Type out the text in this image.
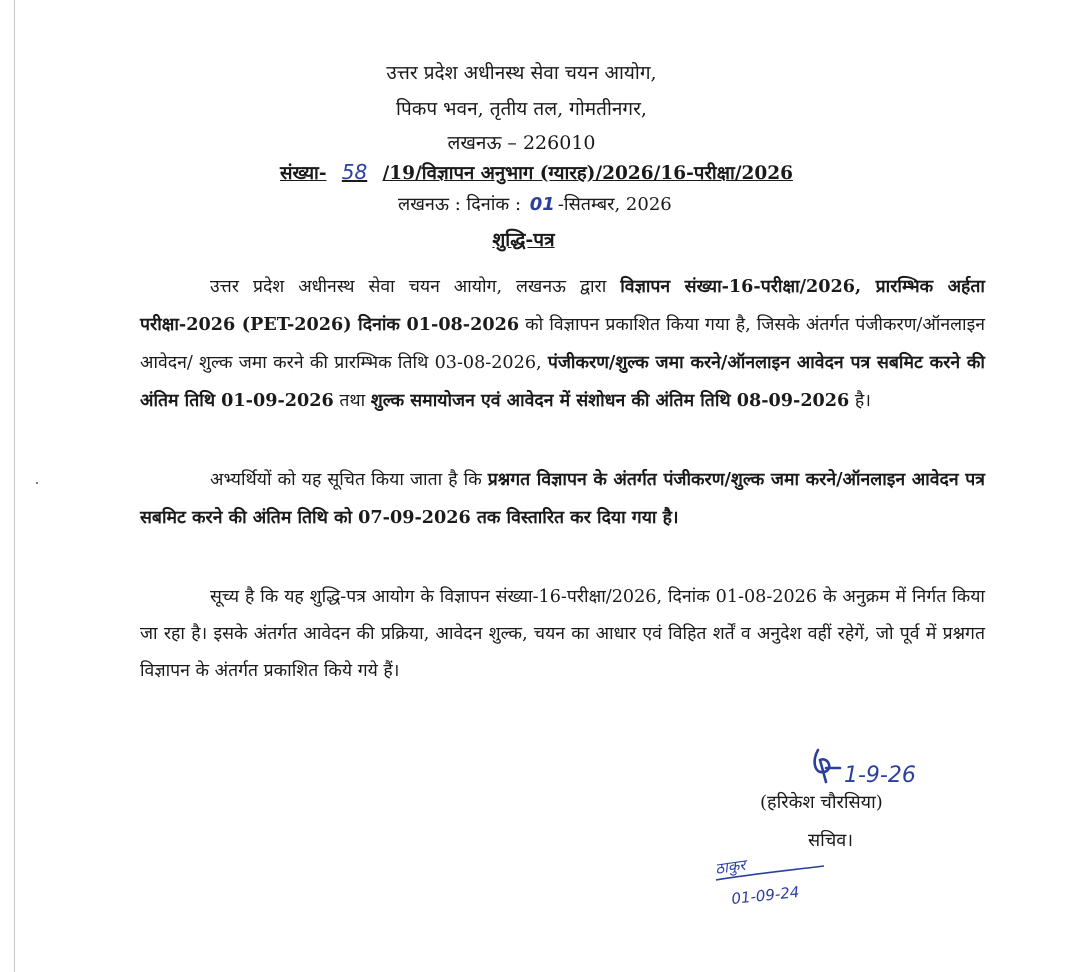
उत्तर प्रदेश अधीनस्थ सेवा चयन आयोग,
पिकप भवन, तृतीय तल, गोमतीनगर,
लखनऊ – 226010
संख्या- 58 /19/विज्ञापन अनुभाग (ग्यारह)/2026/16-परीक्षा/2026
लखनऊ : दिनांक : 01 -सितम्बर, 2026
शुद्धि-पत्र
उत्तर प्रदेश अधीनस्थ सेवा चयन आयोग, लखनऊ द्वारा विज्ञापन संख्या-16-परीक्षा/2026, प्रारम्भिक अर्हता परीक्षा-2026 (PET-2026) दिनांक 01-08-2026 को विज्ञापन प्रकाशित किया गया है, जिसके अंतर्गत पंजीकरण/ऑनलाइन आवेदन/ शुल्क जमा करने की प्रारम्भिक तिथि 03-08-2026, पंजीकरण/शुल्क जमा करने/ऑनलाइन आवेदन पत्र सबमिट करने की अंतिम तिथि 01-09-2026 तथा शुल्क समायोजन एवं आवेदन में संशोधन की अंतिम तिथि 08-09-2026 है।
अभ्यर्थियों को यह सूचित किया जाता है कि प्रश्नगत विज्ञापन के अंतर्गत पंजीकरण/शुल्क जमा करने/ऑनलाइन आवेदन पत्र सबमिट करने की अंतिम तिथि को 07-09-2026 तक विस्तारित कर दिया गया है।
सूच्य है कि यह शुद्धि-पत्र आयोग के विज्ञापन संख्या-16-परीक्षा/2026, दिनांक 01-08-2026 के अनुक्रम में निर्गत किया जा रहा है। इसके अंतर्गत आवेदन की प्रक्रिया, आवेदन शुल्क, चयन का आधार एवं विहित शर्तें व अनुदेश वहीं रहेगें, जो पूर्व में प्रश्नगत विज्ञापन के अंतर्गत प्रकाशित किये गये हैं।
1-9-26
(हरिकेश चौरसिया)
सचिव।
ठाकुर
01-09-24
